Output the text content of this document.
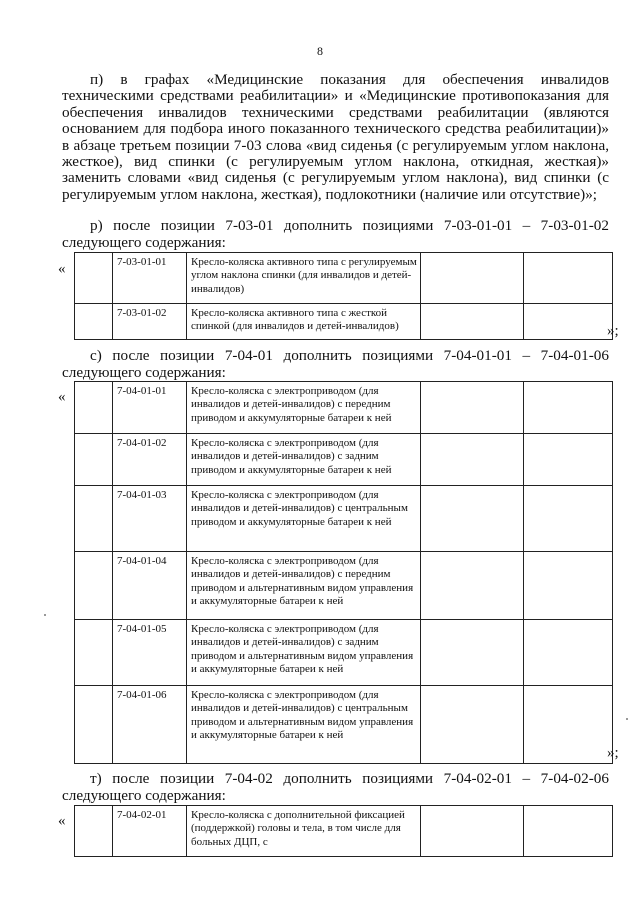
8

п) в графах «Медицинские показания для обеспечения инвалидов техническими средствами реабилитации» и «Медицинские противопоказания для обеспечения инвалидов техническими средствами реабилитации (являются основанием для подбора иного показанного технического средства реабилитации)» в абзаце третьем позиции 7-03 слова «вид сиденья (с регулируемым углом наклона, жесткое), вид спинки (с регулируемым углом наклона, откидная, жесткая)» заменить словами «вид сиденья (с регулируемым углом наклона), вид спинки (с регулируемым углом наклона, жесткая), подлокотники (наличие или отсутствие)»;

р) после позиции 7-03-01 дополнить позициями 7-03-01-01 – 7-03-01-02 следующего содержания:

«
		7-03-01-01	Кресло-коляска активного типа с регулируемым углом наклона спинки (для инвалидов и детей-инвалидов)		
	7-03-01-02	Кресло-коляска активного типа с жесткой спинкой (для инвалидов и детей-инвалидов)			»;

с) после позиции 7-04-01 дополнить позициями 7-04-01-01 – 7-04-01-06 следующего содержания:

«
		7-04-01-01	Кресло-коляска с электроприводом (для инвалидов и детей-инвалидов) с передним приводом и аккумуляторные батареи к ней		
	7-04-01-02	Кресло-коляска с электроприводом (для инвалидов и детей-инвалидов) с задним приводом и аккумуляторные батареи к ней		
	7-04-01-03	Кресло-коляска с электроприводом (для инвалидов и детей-инвалидов) с центральным приводом и аккумуляторные батареи к ней		
	7-04-01-04	Кресло-коляска с электроприводом (для инвалидов и детей-инвалидов) с передним приводом и альтернативным видом управления и аккумуляторные батареи к ней		
	7-04-01-05	Кресло-коляска с электроприводом (для инвалидов и детей-инвалидов) с задним приводом и альтернативным видом управления и аккумуляторные батареи к ней		
	7-04-01-06	Кресло-коляска с электроприводом (для инвалидов и детей-инвалидов) с центральным приводом и альтернативным видом управления и аккумуляторные батареи к ней		
»;

т) после позиции 7-04-02 дополнить позициями 7-04-02-01 – 7-04-02-06 следующего содержания:

«
		7-04-02-01	Кресло-коляска с дополнительной фиксацией (поддержкой) головы и тела, в том числе для больных ДЦП, с		
